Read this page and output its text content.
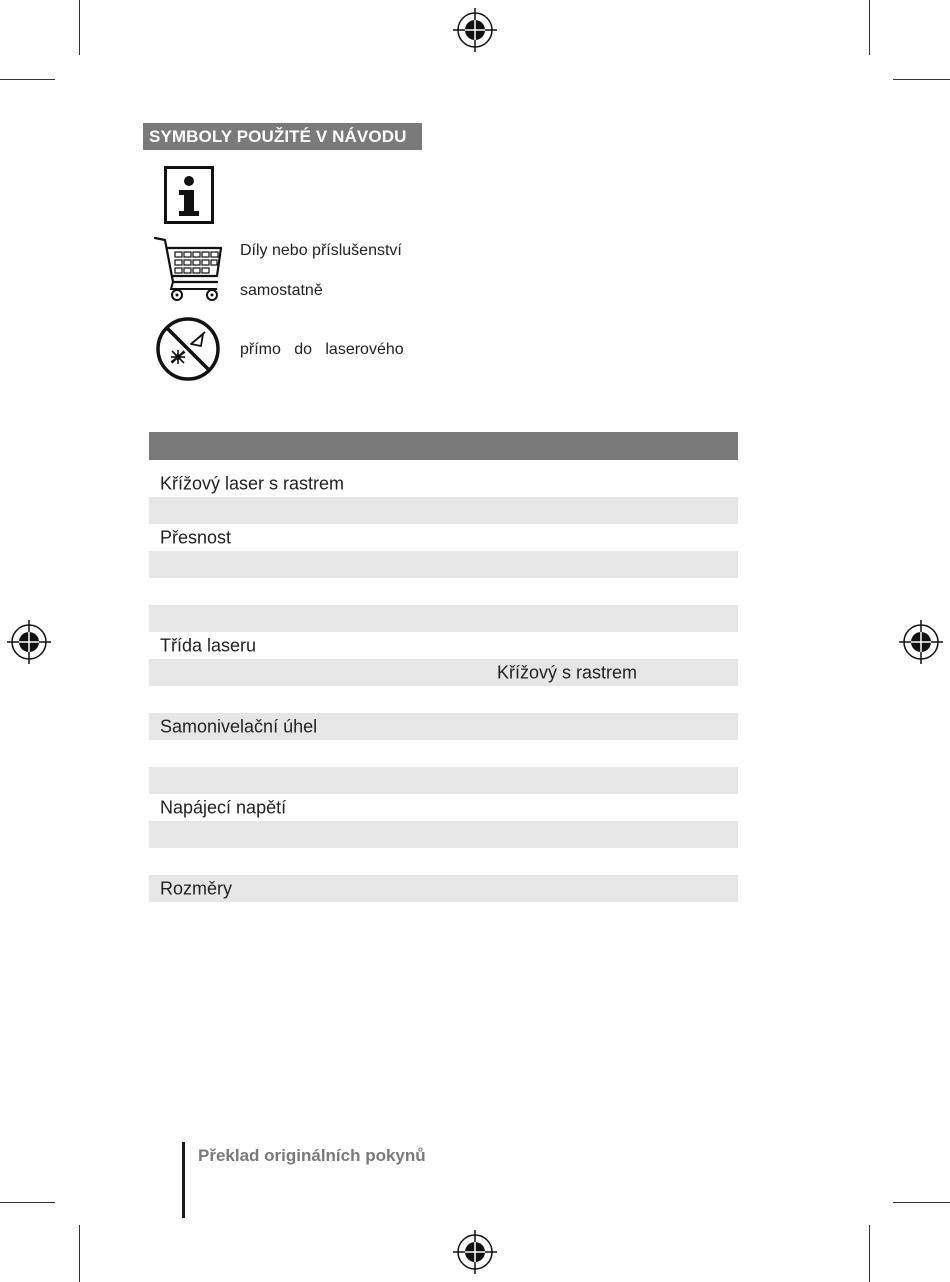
SYMBOLY POUŽITÉ V NÁVODU
Díly nebo příslušenství
samostatně
přímo   do   laserového
Křížový laser s rastrem
Přesnost
Třída laseru
Křížový s rastrem
Samonivelační úhel
Napájecí napětí
Rozměry
Překlad originálních pokynů
